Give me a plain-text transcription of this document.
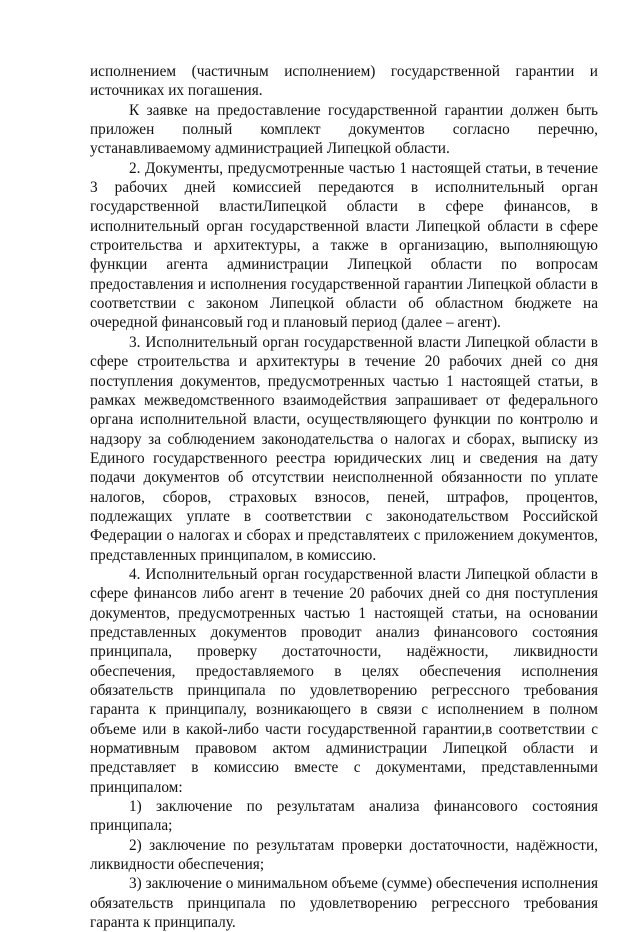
исполнением (частичным исполнением) государственной гарантии и источниках их погашения.

К заявке на предоставление государственной гарантии должен быть приложен полный комплект документов согласно перечню, устанавливаемому администрацией Липецкой области.

2. Документы, предусмотренные частью 1 настоящей статьи, в течение 3 рабочих дней комиссией передаются в исполнительный орган государственной властиЛипецкой области в сфере финансов, в исполнительный орган государственной власти Липецкой области в сфере строительства и архитектуры, а также в организацию, выполняющую функции агента администрации Липецкой области по вопросам предоставления и исполнения государственной гарантии Липецкой области в соответствии с законом Липецкой области об областном бюджете на очередной финансовый год и плановый период (далее – агент).

3. Исполнительный орган государственной власти Липецкой области в сфере строительства и архитектуры в течение 20 рабочих дней со дня поступления документов, предусмотренных частью 1 настоящей статьи, в рамках межведомственного взаимодействия запрашивает от федерального органа исполнительной власти, осуществляющего функции по контролю и надзору за соблюдением законодательства о налогах и сборах, выписку из Единого государственного реестра юридических лиц и сведения на дату подачи документов об отсутствии неисполненной обязанности по уплате налогов, сборов, страховых взносов, пеней, штрафов, процентов, подлежащих уплате в соответствии с законодательством Российской Федерации о налогах и сборах и представлятеих с приложением документов, представленных принципалом, в комиссию.

4. Исполнительный орган государственной власти Липецкой области в сфере финансов либо агент в течение 20 рабочих дней со дня поступления документов, предусмотренных частью 1 настоящей статьи, на основании представленных документов проводит анализ финансового состояния принципала, проверку достаточности, надёжности, ликвидности обеспечения, предоставляемого в целях обеспечения исполнения обязательств принципала по удовлетворению регрессного требования гаранта к принципалу, возникающего в связи с исполнением в полном объеме или в какой-либо части государственной гарантии,в соответствии с нормативным правовом актом администрации Липецкой области и представляет в комиссию вместе с документами, представленными принципалом:

1) заключение по результатам анализа финансового состояния принципала;

2) заключение по результатам проверки достаточности, надёжности, ликвидности обеспечения;

3) заключение о минимальном объеме (сумме) обеспечения исполнения обязательств принципала по удовлетворению регрессного требования гаранта к принципалу.
